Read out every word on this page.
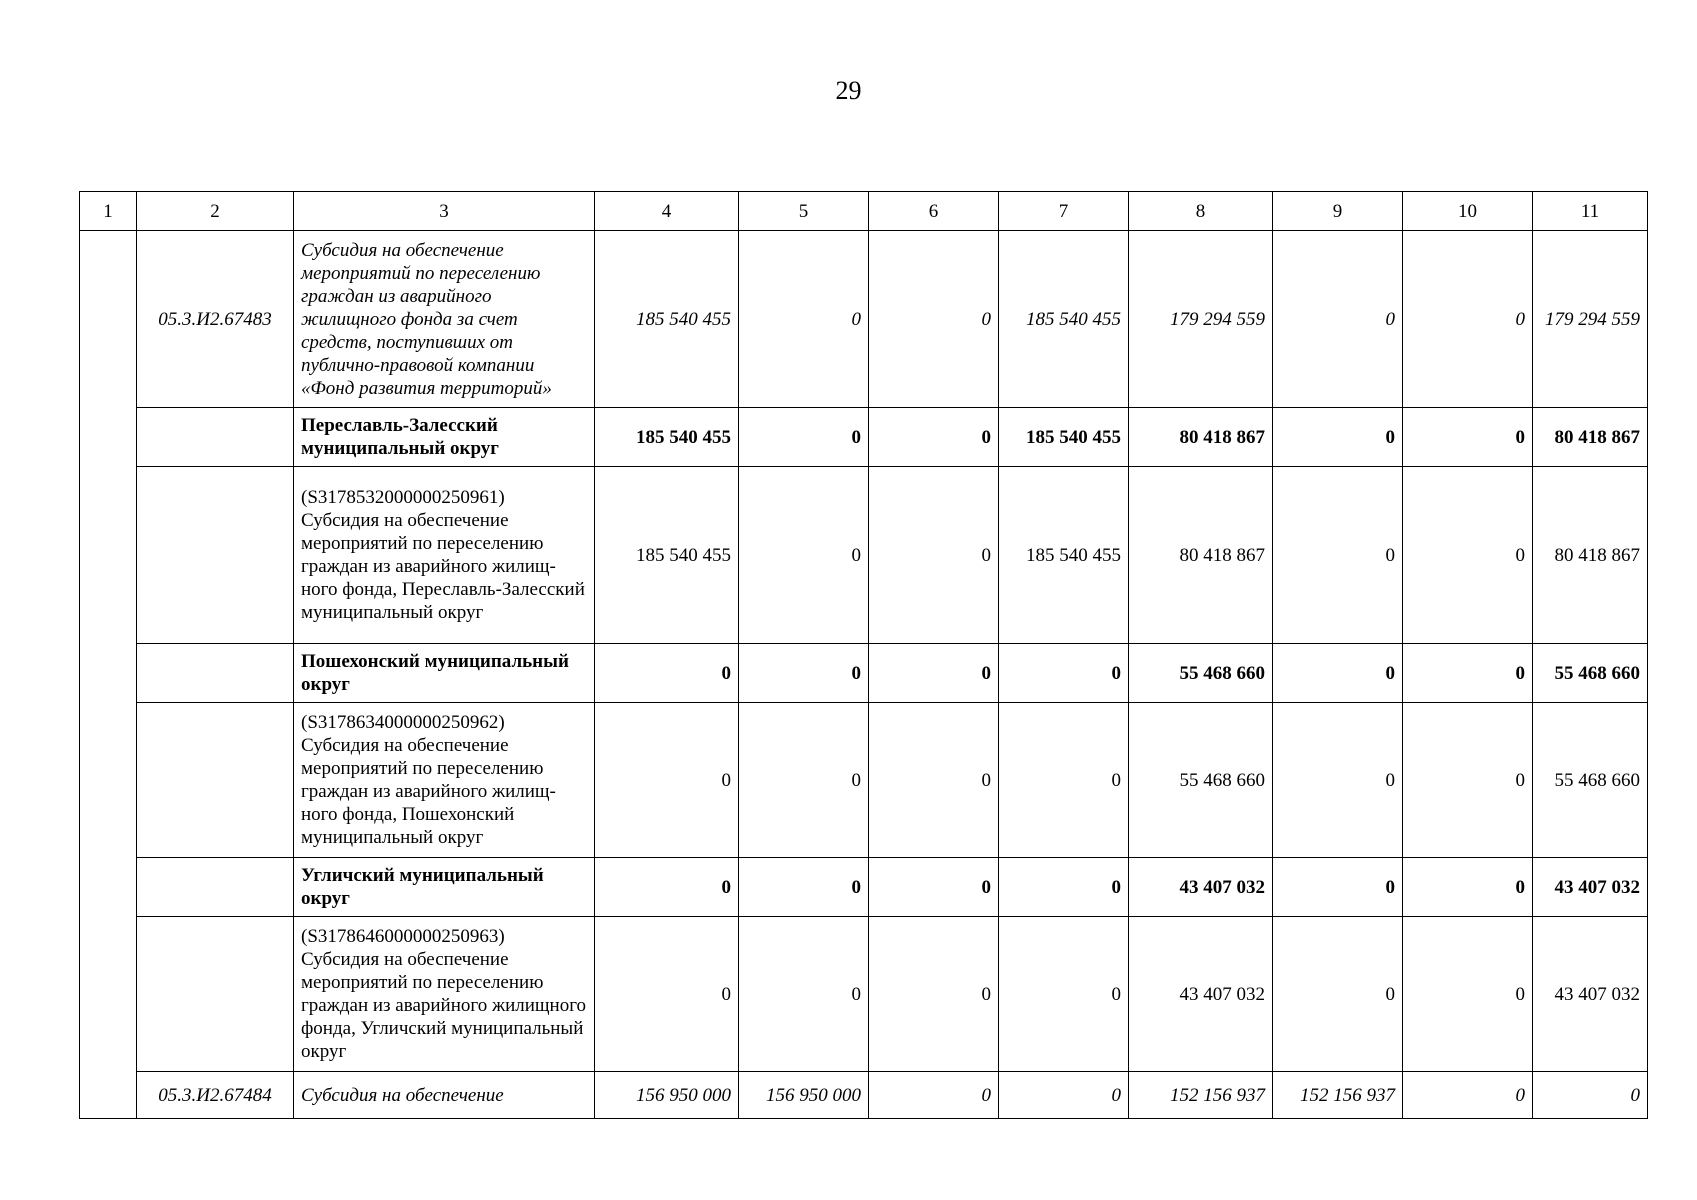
29
1	2	3	4	5	6	7	8	9	10	11
	05.3.И2.67483	Субсидия на обеспечение мероприятий по переселению граждан из аварийного жилищного фонда за счет средств, поступивших от публично-правовой компании «Фонд развития территорий»	185 540 455	0	0	185 540 455	179 294 559	0	0	179 294 559
		Переславль-Залесский муниципальный округ	185 540 455	0	0	185 540 455	80 418 867	0	0	80 418 867
		(S3178532000000250961) Субсидия на обеспечение мероприятий по переселению граждан из аварийного жилищ-ного фонда, Переславль-Залесский муниципальный округ	185 540 455	0	0	185 540 455	80 418 867	0	0	80 418 867
		Пошехонский муниципальный округ	0	0	0	0	55 468 660	0	0	55 468 660
		(S3178634000000250962) Субсидия на обеспечение мероприятий по переселению граждан из аварийного жилищ-ного фонда, Пошехонский муниципальный округ	0	0	0	0	55 468 660	0	0	55 468 660
		Угличский муниципальный округ	0	0	0	0	43 407 032	0	0	43 407 032
		(S3178646000000250963) Субсидия на обеспечение мероприятий по переселению граждан из аварийного жилищного фонда, Угличский муниципальный округ	0	0	0	0	43 407 032	0	0	43 407 032
	05.3.И2.67484	Субсидия на обеспечение	156 950 000	156 950 000	0	0	152 156 937	152 156 937	0	0
